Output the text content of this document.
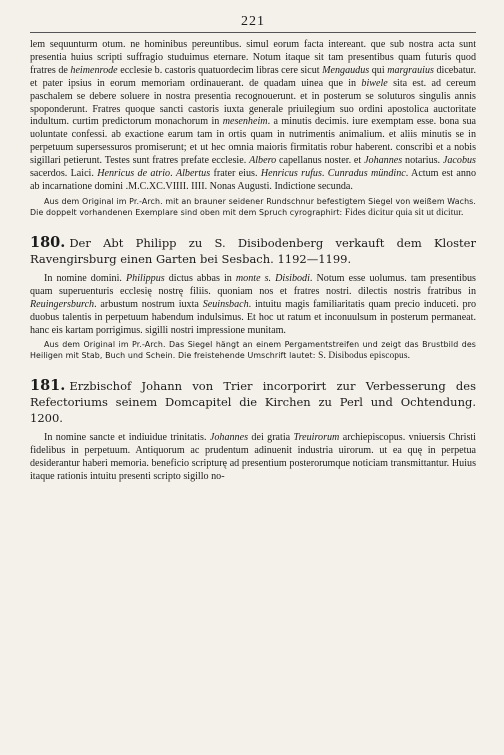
221

lem sequunturm otum. ne hominibus pereuntibus. simul eorum facta intereant. que sub nostra acta sunt presentia huius scripti suffragio studuimus eternare. Notum itaque sit tam presentibus quam futuris quod fratres de heimenrode ecclesie b. castoris quatuordecim libras cere sicut Mengaudus qui margrauius dicebatur. et pater ipsius in eorum memoriam ordinauerant. de quadam uinea que in biwele sita est. ad cereum paschalem se debere soluere in nostra presentia recognouerunt. et in posterum se soluturos singulis annis spoponderunt. Fratres quoque sancti castoris iuxta generale priuilegium suo ordini apostolica auctoritate indultum. curtim predictorum monachorum in mesenheim. a minutis decimis. iure exemptam esse. bona sua uoluntate confessi. ab exactione earum tam in ortis quam in nutrimentis animalium. et aliis minutis se in perpetuum supersessuros promiserunt; et ut hec omnia maioris firmitatis robur haberent. conscribi et a nobis sigillari petierunt. Testes sunt fratres prefate ecclesie. Albero capellanus noster. et Johannes notarius. Jacobus sacerdos. Laici. Henricus de atrio. Albertus frater eius. Henricus rufus. Cunradus mündinc. Actum est anno ab incarnatione domini .M.C.XC.VIIII. IIII. Nonas Augusti. Indictione secunda.

Aus dem Original im Pr.-Arch. mit an brauner seidener Rundschnur befestigtem Siegel von weißem Wachs. Die doppelt vorhandenen Exemplare sind oben mit dem Spruch cyrographirt: Fides dicitur quia sit ut dicitur.
180. Der Abt Philipp zu S. Disibodenberg verkauft dem Kloster Ravengirsburg einen Garten bei Sesbach. 1192—1199.

In nomine domini. Philippus dictus abbas in monte s. Disibodi. Notum esse uolumus. tam presentibus quam superuenturis ecclesię nostrę filiis. quoniam nos et fratres nostri. dilectis nostris fratribus in Reuingersburch. arbustum nostrum iuxta Seuinsbach. intuitu magis familiaritatis quam precio induceti. pro duobus talentis in perpetuum habendum indulsimus. Et hoc ut ratum et inconuulsum in posterum permaneat. hanc eis kartam porrigimus. sigilli nostri impressione munitam.

Aus dem Original im Pr.-Arch. Das Siegel hängt an einem Pergamentstreifen und zeigt das Brustbild des Heiligen mit Stab, Buch und Schein. Die freistehende Umschrift lautet: S. Disibodus episcopus.
181. Erzbischof Johann von Trier incorporirt zur Verbesserung des Refectoriums seinem Domcapitel die Kirchen zu Perl und Ochtendung. 1200.

In nomine sancte et indiuidue trinitatis. Johannes dei gratia Treuirorum archiepiscopus. vniuersis Christi fidelibus in perpetuum. Antiquorum ac prudentum adinuenit industria uirorum. ut ea quę in perpetua desiderantur haberi memoria. beneficio scripturę ad presentium posterorumque noticiam transmittantur. Huius itaque rationis intuitu presenti scripto sigillo no-
